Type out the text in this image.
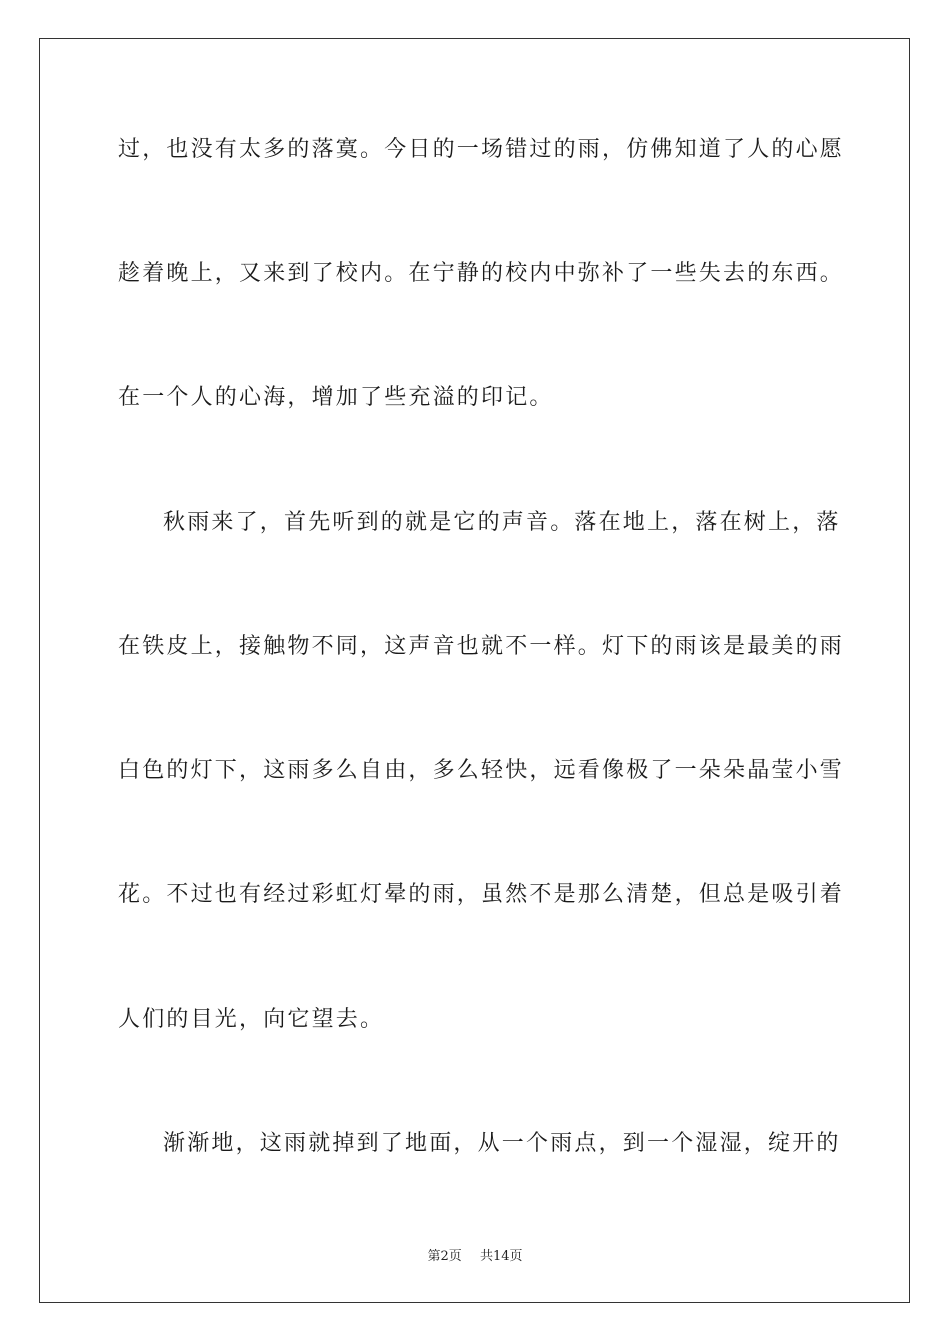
过，也没有太多的落寞。今日的一场错过的雨，仿佛知道了人的心愿
趁着晚上，又来到了校内。在宁静的校内中弥补了一些失去的东西。
在一个人的心海，增加了些充溢的印记。
秋雨来了，首先听到的就是它的声音。落在地上，落在树上，落
在铁皮上，接触物不同，这声音也就不一样。灯下的雨该是最美的雨
白色的灯下，这雨多么自由，多么轻快，远看像极了一朵朵晶莹小雪
花。不过也有经过彩虹灯晕的雨，虽然不是那么清楚，但总是吸引着
人们的目光，向它望去。
渐渐地，这雨就掉到了地面，从一个雨点，到一个湿湿，绽开的
第2页 共14页
